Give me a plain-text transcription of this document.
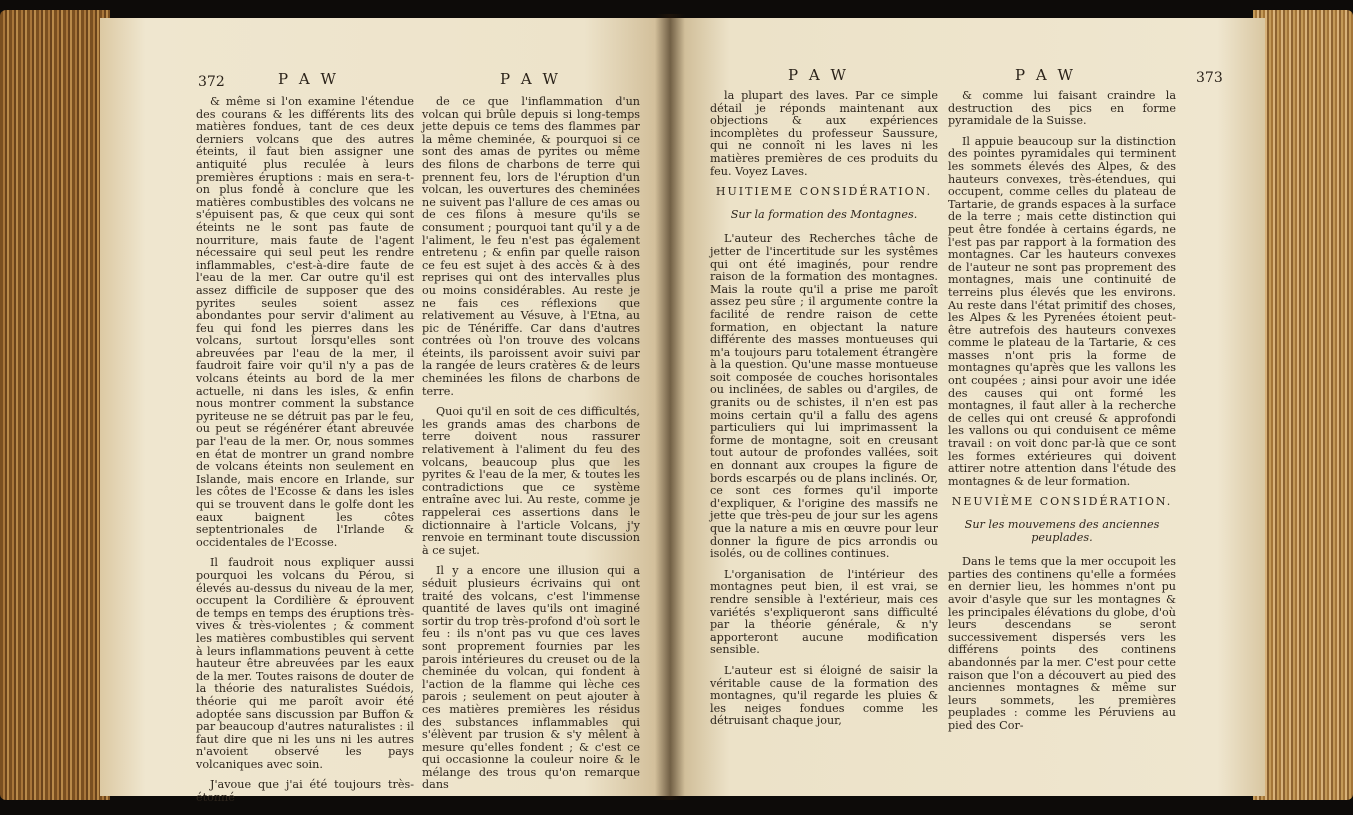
372	P A W	P A W

& même si l'on examine l'étendue des courans & les différents lits des matières fondues, tant de ces deux derniers volcans que des autres éteints, il faut bien assigner une antiquité plus reculée à leurs premières éruptions : mais en sera-t-on plus fondé à conclure que les matières combustibles des volcans ne s'épuisent pas, & que ceux qui sont éteints ne le sont pas faute de nourriture, mais faute de l'agent nécessaire qui seul peut les rendre inflammables, c'est-à-dire faute de l'eau de la mer. Car outre qu'il est assez difficile de supposer que des pyrites seules soient assez abondantes pour servir d'aliment au feu qui fond les pierres dans les volcans, surtout lorsqu'elles sont abreuvées par l'eau de la mer, il faudroit faire voir qu'il n'y a pas de volcans éteints au bord de la mer actuelle, ni dans les isles, & enfin nous montrer comment la substance pyriteuse ne se détruit pas par le feu, ou peut se régénérer étant abreuvée par l'eau de la mer. Or, nous sommes en état de montrer un grand nombre de volcans éteints non seulement en Islande, mais encore en Irlande, sur les côtes de l'Ecosse & dans les isles qui se trouvent dans le golfe dont les eaux baignent les côtes septentrionales de l'Irlande & occidentales de l'Ecosse.

Il faudroit nous expliquer aussi pourquoi les volcans du Pérou, si élevés au-dessus du niveau de la mer, occupent la Cordilière & éprouvent de temps en temps des éruptions très-vives & très-violentes ; & comment les matières combustibles qui servent à leurs inflammations peuvent à cette hauteur être abreuvées par les eaux de la mer. Toutes raisons de douter de la théorie des naturalistes Suédois, théorie qui me paroît avoir été adoptée sans discussion par Buffon & par beaucoup d'autres naturalistes : il faut dire que ni les uns ni les autres n'avoient observé les pays volcaniques avec soin.

J'avoue que j'ai été toujours très-étonné

de ce que l'inflammation d'un volcan qui brûle depuis si long-temps jette depuis ce tems des flammes par la même cheminée, & pourquoi si ce sont des amas de pyrites ou même des filons de charbons de terre qui prennent feu, lors de l'éruption d'un volcan, les ouvertures des cheminées ne suivent pas l'allure de ces amas ou de ces filons à mesure qu'ils se consument ; pourquoi tant qu'il y a de l'aliment, le feu n'est pas également entretenu ; & enfin par quelle raison ce feu est sujet à des accès & à des reprises qui ont des intervalles plus ou moins considérables. Au reste je ne fais ces réflexions que relativement au Vésuve, à l'Etna, au pic de Ténériffe. Car dans d'autres contrées où l'on trouve des volcans éteints, ils paroissent avoir suivi par la rangée de leurs cratères & de leurs cheminées les filons de charbons de terre.

Quoi qu'il en soit de ces difficultés, les grands amas des charbons de terre doivent nous rassurer relativement à l'aliment du feu des volcans, beaucoup plus que les pyrites & l'eau de la mer, & toutes les contradictions que ce système entraîne avec lui. Au reste, comme je rappelerai ces assertions dans le dictionnaire à l'article Volcans, j'y renvoie en terminant toute discussion à ce sujet.

Il y a encore une illusion qui a séduit plusieurs écrivains qui ont traité des volcans, c'est l'immense quantité de laves qu'ils ont imaginé sortir du trop très-profond d'où sort le feu : ils n'ont pas vu que ces laves sont proprement fournies par les parois intérieures du creuset ou de la cheminée du volcan, qui fondent à l'action de la flamme qui lèche ces parois ; seulement on peut ajouter à ces matières premières les résidus des substances inflammables qui s'élèvent par trusion & s'y mêlent à mesure qu'elles fondent ; & c'est ce qui occasionne la couleur noire & le mélange des trous qu'on remarque dans

P A W	P A W	373

la plupart des laves. Par ce simple détail je réponds maintenant aux objections & aux expériences incomplètes du professeur Saussure, qui ne connoît ni les laves ni les matières premières de ces produits du feu. Voyez Laves.

HUITIEME CONSIDÉRATION.

Sur la formation des Montagnes.

L'auteur des Recherches tâche de jetter de l'incertitude sur les systêmes qui ont été imaginés, pour rendre raison de la formation des montagnes. Mais la route qu'il a prise me paroît assez peu sûre ; il argumente contre la facilité de rendre raison de cette formation, en objectant la nature différente des masses montueuses qui m'a toujours paru totalement étrangère à la question. Qu'une masse montueuse soit composée de couches horisontales ou inclinées, de sables ou d'argiles, de granits ou de schistes, il n'en est pas moins certain qu'il a fallu des agens particuliers qui lui imprimassent la forme de montagne, soit en creusant tout autour de profondes vallées, soit en donnant aux croupes la figure de bords escarpés ou de plans inclinés. Or, ce sont ces formes qu'il importe d'expliquer, & l'origine des massifs ne jette que très-peu de jour sur les agens que la nature a mis en œuvre pour leur donner la figure de pics arrondis ou isolés, ou de collines continues.

L'organisation de l'intérieur des montagnes peut bien, il est vrai, se rendre sensible à l'extérieur, mais ces variétés s'expliqueront sans difficulté par la théorie générale, & n'y apporteront aucune modification sensible.

L'auteur est si éloigné de saisir la véritable cause de la formation des montagnes, qu'il regarde les pluies & les neiges fondues comme les détruisant chaque jour,

& comme lui faisant craindre la destruction des pics en forme pyramidale de la Suisse.

Il appuie beaucoup sur la distinction des pointes pyramidales qui terminent les sommets élevés des Alpes, & des hauteurs convexes, très-étendues, qui occupent, comme celles du plateau de Tartarie, de grands espaces à la surface de la terre ; mais cette distinction qui peut être fondée à certains égards, ne l'est pas par rapport à la formation des montagnes. Car les hauteurs convexes de l'auteur ne sont pas proprement des montagnes, mais une continuité de terreins plus élevés que les environs. Au reste dans l'état primitif des choses, les Alpes & les Pyrenées étoient peut-être autrefois des hauteurs convexes comme le plateau de la Tartarie, & ces masses n'ont pris la forme de montagnes qu'après que les vallons les ont coupées ; ainsi pour avoir une idée des causes qui ont formé les montagnes, il faut aller à la recherche de celles qui ont creusé & approfondi les vallons ou qui conduisent ce même travail : on voit donc par-là que ce sont les formes extérieures qui doivent attirer notre attention dans l'étude des montagnes & de leur formation.

NEUVIÈME CONSIDÉRATION.

Sur les mouvemens des anciennes peuplades.

Dans le tems que la mer occupoit les parties des continens qu'elle a formées en dernier lieu, les hommes n'ont pu avoir d'asyle que sur les montagnes & les principales élévations du globe, d'où leurs descendans se seront successivement dispersés vers les différens points des continens abandonnés par la mer. C'est pour cette raison que l'on a découvert au pied des anciennes montagnes & même sur leurs sommets, les premières peuplades : comme les Péruviens au pied des Cor-
